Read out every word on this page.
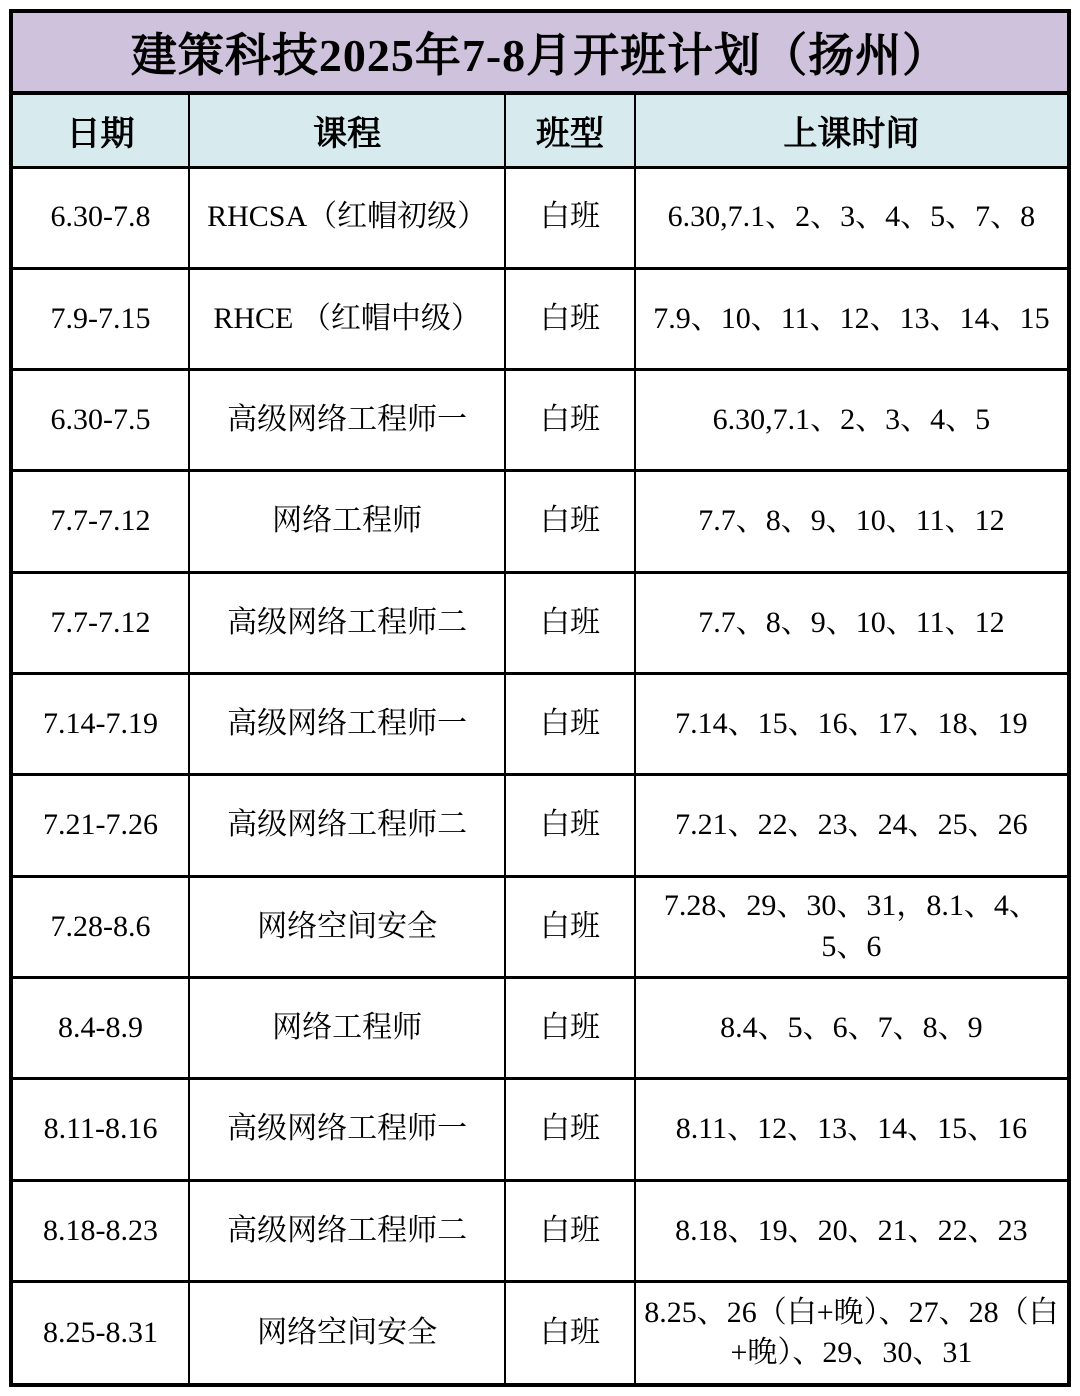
建策科技2025年7-8月开班计划（扬州）
日期	课程	班型	上课时间
6.30-7.8	RHCSA（红帽初级）	白班	6.30,7.1、2、3、4、5、7、8
7.9-7.15	RHCE （红帽中级）	白班	7.9、10、11、12、13、14、15
6.30-7.5	高级网络工程师一	白班	6.30,7.1、2、3、4、5
7.7-7.12	网络工程师	白班	7.7、8、9、10、11、12
7.7-7.12	高级网络工程师二	白班	7.7、8、9、10、11、12
7.14-7.19	高级网络工程师一	白班	7.14、15、16、17、18、19
7.21-7.26	高级网络工程师二	白班	7.21、22、23、24、25、26
7.28-8.6	网络空间安全	白班	7.28、29、30、31，8.1、4、5、6
8.4-8.9	网络工程师	白班	8.4、5、6、7、8、9
8.11-8.16	高级网络工程师一	白班	8.11、12、13、14、15、16
8.18-8.23	高级网络工程师二	白班	8.18、19、20、21、22、23
8.25-8.31	网络空间安全	白班	8.25、26（白+晚）、27、28（白+晚）、29、30、31
